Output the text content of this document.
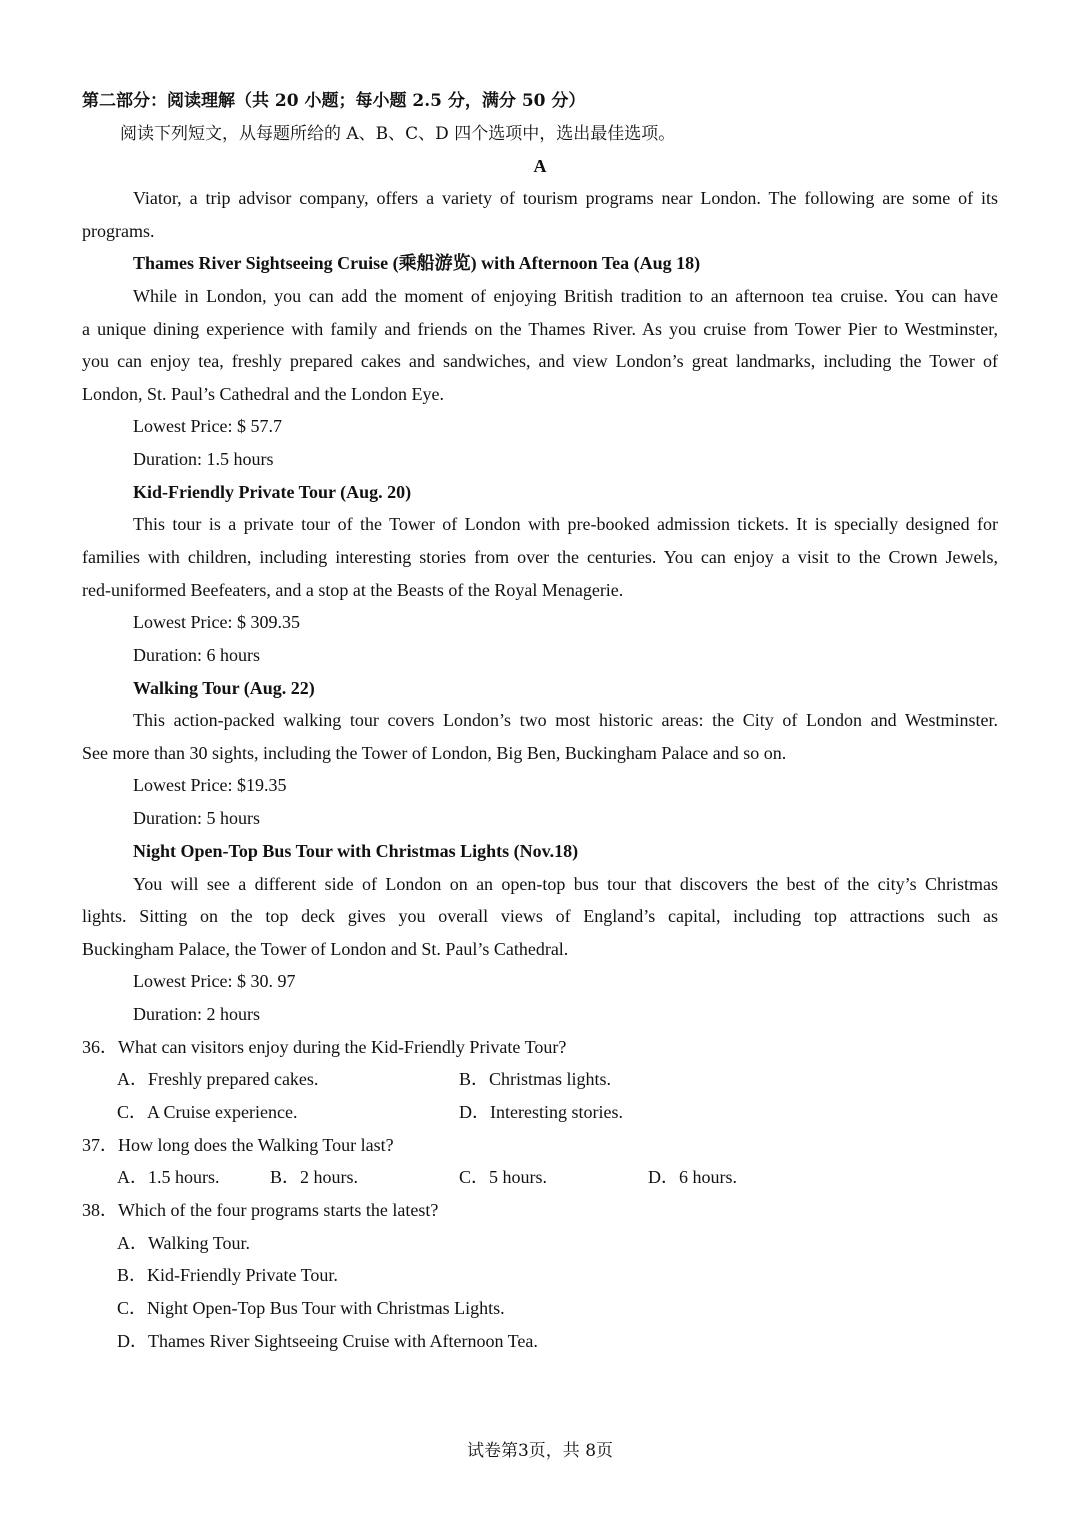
第二部分：阅读理解（共 20 小题；每小题 2.5 分，满分 50 分）
阅读下列短文，从每题所给的 A、B、C、D 四个选项中，选出最佳选项。
A
Viator, a trip advisor company, offers a variety of tourism programs near London. The following are some of its
programs.
Thames River Sightseeing Cruise (乘船游览) with Afternoon Tea (Aug 18)
While in London, you can add the moment of enjoying British tradition to an afternoon tea cruise. You can have
a unique dining experience with family and friends on the Thames River. As you cruise from Tower Pier to Westminster,
you can enjoy tea, freshly prepared cakes and sandwiches, and view London’s great landmarks, including the Tower of
London, St. Paul’s Cathedral and the London Eye.
Lowest Price: $ 57.7
Duration: 1.5 hours
Kid-Friendly Private Tour (Aug. 20)
This tour is a private tour of the Tower of London with pre-booked admission tickets. It is specially designed for
families with children, including interesting stories from over the centuries. You can enjoy a visit to the Crown Jewels,
red-uniformed Beefeaters, and a stop at the Beasts of the Royal Menagerie.
Lowest Price: $ 309.35
Duration: 6 hours
Walking Tour (Aug. 22)
This action-packed walking tour covers London’s two most historic areas: the City of London and Westminster.
See more than 30 sights, including the Tower of London, Big Ben, Buckingham Palace and so on.
Lowest Price: $19.35
Duration: 5 hours
Night Open-Top Bus Tour with Christmas Lights (Nov.18)
You will see a different side of London on an open-top bus tour that discovers the best of the city’s Christmas
lights. Sitting on the top deck gives you overall views of England’s capital, including top attractions such as
Buckingham Palace, the Tower of London and St. Paul’s Cathedral.
Lowest Price: $ 30. 97
Duration: 2 hours
36．What can visitors enjoy during the Kid-Friendly Private Tour?
A．Freshly prepared cakes.	B．Christmas lights.
C．A Cruise experience.	D．Interesting stories.
37．How long does the Walking Tour last?
A．1.5 hours.	B．2 hours.	C．5 hours.	D．6 hours.
38．Which of the four programs starts the latest?
A．Walking Tour.
B．Kid-Friendly Private Tour.
C．Night Open-Top Bus Tour with Christmas Lights.
D．Thames River Sightseeing Cruise with Afternoon Tea.
试卷第3页，共 8页
